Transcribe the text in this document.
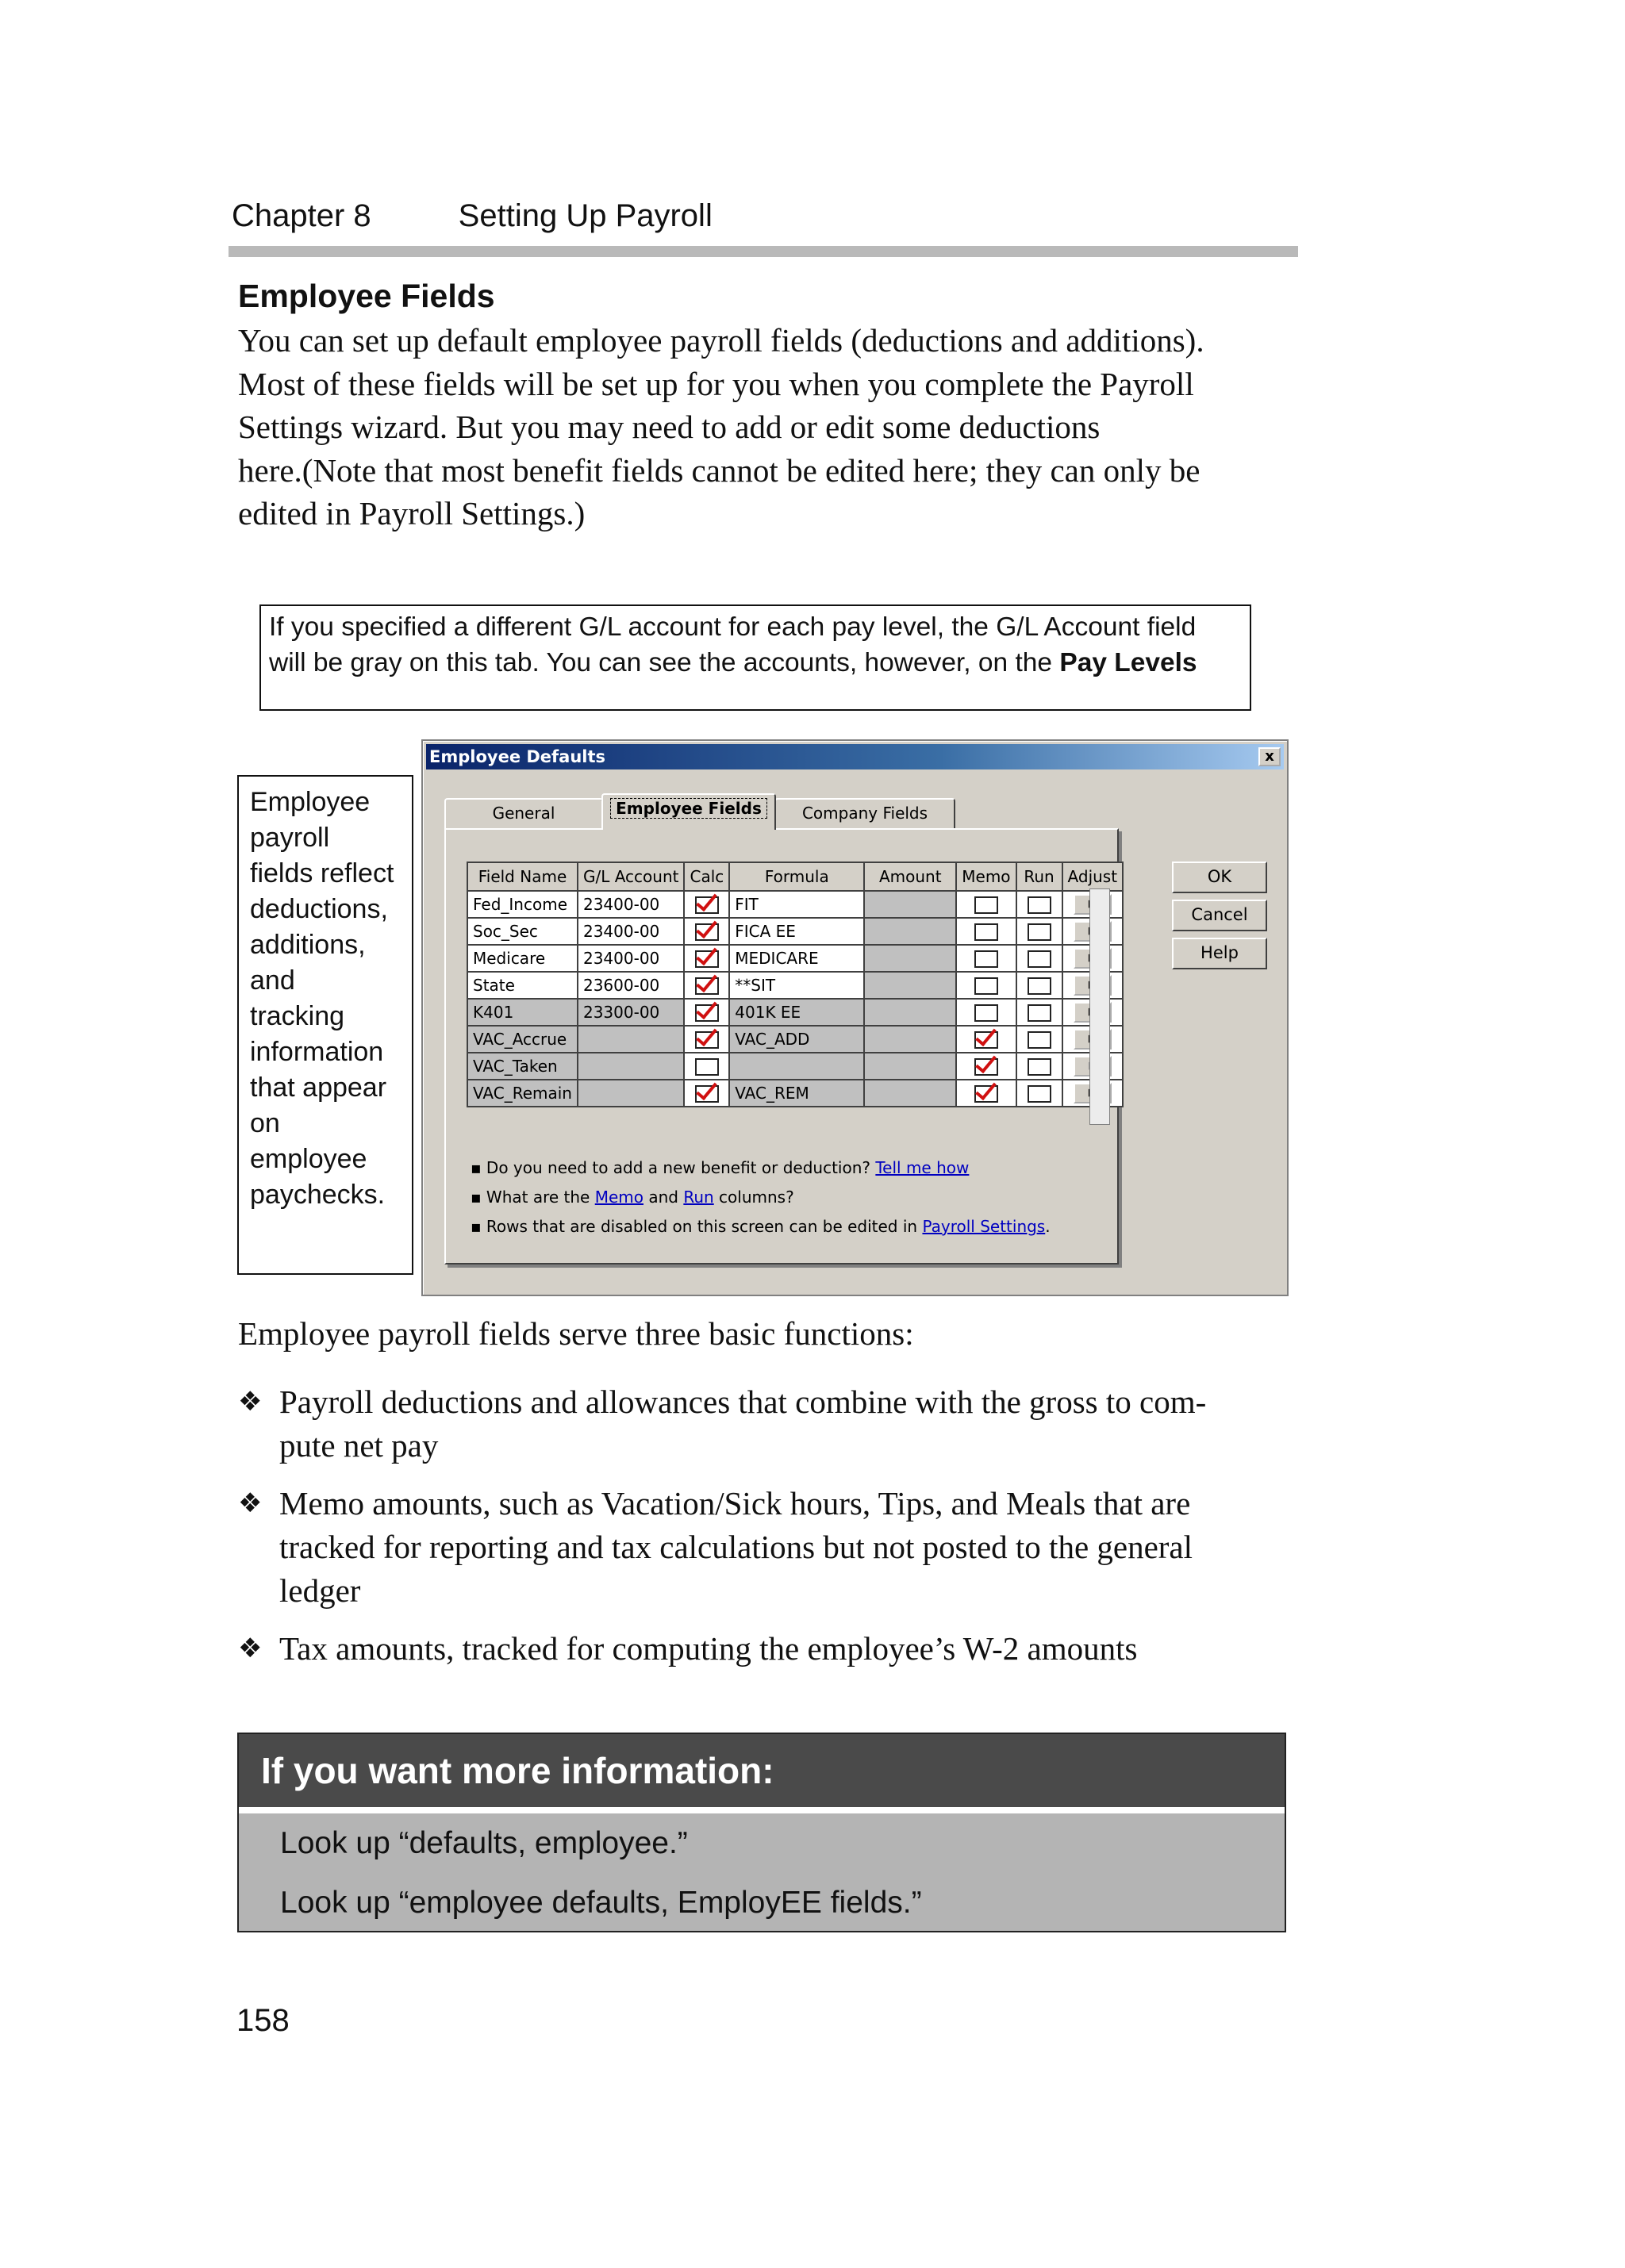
Chapter 8	Setting Up Payroll
Employee Fields
You can set up default employee payroll fields (deductions and additions).
Most of these fields will be set up for you when you complete the Payroll
Settings wizard. But you may need to add or edit some deductions
here.(Note that most benefit fields cannot be edited here; they can only be
edited in Payroll Settings.)
If you specified a different G/L account for each pay level, the G/L Account field
will be gray on this tab. You can see the accounts, however, on the Pay Levels
Employee
payroll
fields reflect
deductions,
additions,
and
tracking
information
that appear
on
employee
paychecks.
Employee Defaults	x
General	Employee Fields	Company Fields
Field Name	G/L Account	Calc	Formula	Amount	Memo	Run	Adjust
Fed_Income	23400-00		FIT				
Soc_Sec	23400-00		FICA EE				
Medicare	23400-00		MEDICARE				
State	23600-00		**SIT				
K401	23300-00		401K EE				
VAC_Accrue			VAC_ADD				
VAC_Taken							
VAC_Remain			VAC_REM				
▪ Do you need to add a new benefit or deduction? Tell me how
▪ What are the Memo and Run columns?
▪ Rows that are disabled on this screen can be edited in Payroll Settings.
OK
Cancel
Help
Employee payroll fields serve three basic functions:
❖ Payroll deductions and allowances that combine with the gross to com-
pute net pay
❖ Memo amounts, such as Vacation/Sick hours, Tips, and Meals that are
tracked for reporting and tax calculations but not posted to the general
ledger
❖ Tax amounts, tracked for computing the employee’s W-2 amounts
If you want more information:
Look up “defaults, employee.”
Look up “employee defaults, EmployEE fields.”
158
